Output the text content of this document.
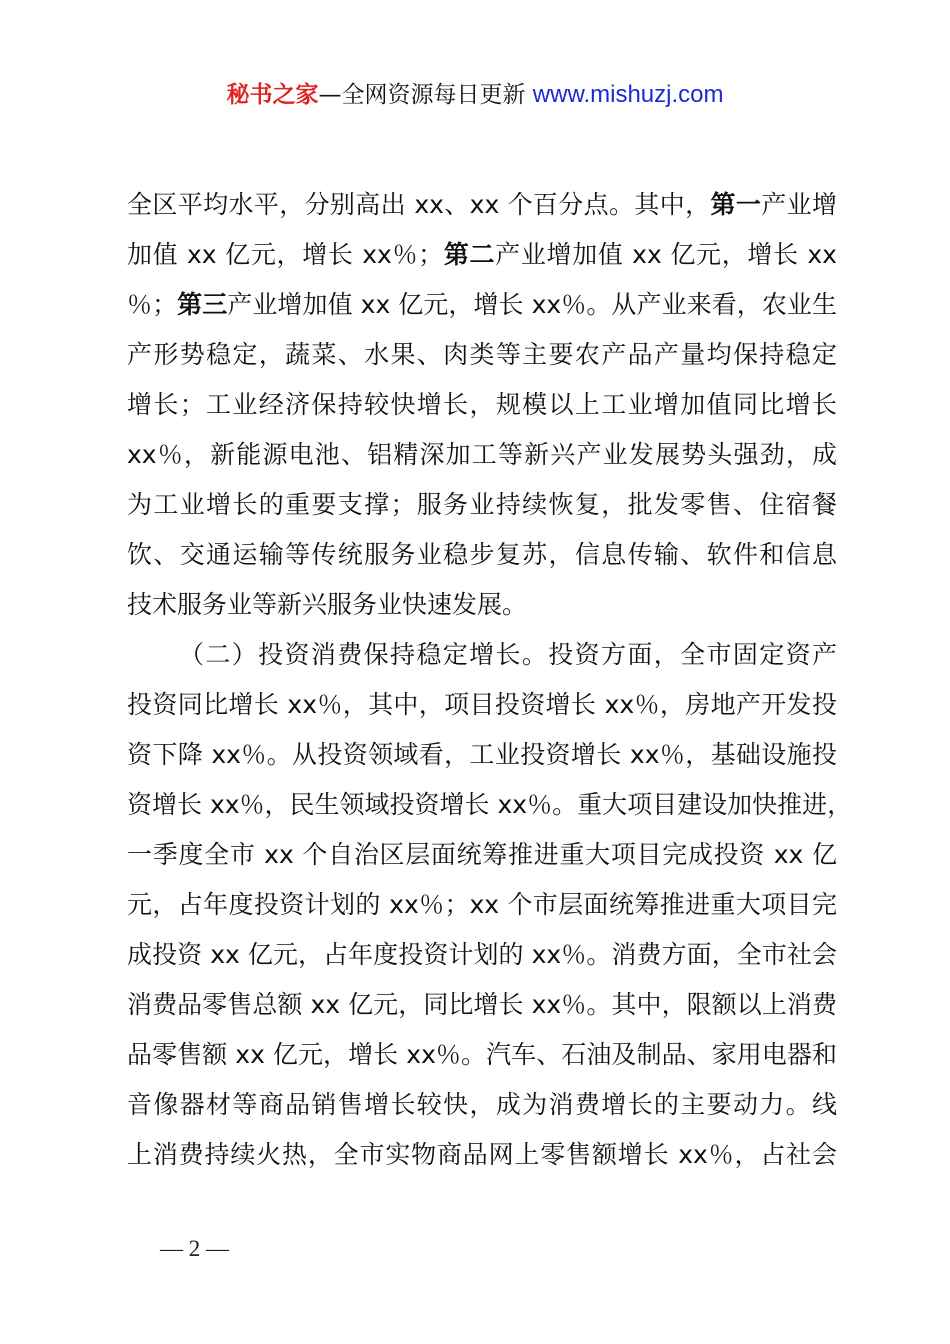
秘书之家—全网资源每日更新 www.mishuzj.com
全区平均水平，分别高出 xx、xx 个百分点。其中，第一产业增
加值 xx 亿元，增长 xx％；第二产业增加值 xx 亿元，增长 xx
％；第三产业增加值 xx 亿元，增长 xx％。从产业来看，农业生
产形势稳定，蔬菜、水果、肉类等主要农产品产量均保持稳定
增长；工业经济保持较快增长，规模以上工业增加值同比增长
xx％，新能源电池、铝精深加工等新兴产业发展势头强劲，成
为工业增长的重要支撑；服务业持续恢复，批发零售、住宿餐
饮、交通运输等传统服务业稳步复苏，信息传输、软件和信息
技术服务业等新兴服务业快速发展。
（二）投资消费保持稳定增长。投资方面，全市固定资产
投资同比增长 xx％，其中，项目投资增长 xx％，房地产开发投
资下降 xx％。从投资领域看，工业投资增长 xx％，基础设施投
资增长 xx％，民生领域投资增长 xx％。重大项目建设加快推进，
一季度全市 xx 个自治区层面统筹推进重大项目完成投资 xx 亿
元，占年度投资计划的 xx％；xx 个市层面统筹推进重大项目完
成投资 xx 亿元，占年度投资计划的 xx％。消费方面，全市社会
消费品零售总额 xx 亿元，同比增长 xx％。其中，限额以上消费
品零售额 xx 亿元，增长 xx％。汽车、石油及制品、家用电器和
音像器材等商品销售增长较快，成为消费增长的主要动力。线
上消费持续火热，全市实物商品网上零售额增长 xx％，占社会
— 2 —
